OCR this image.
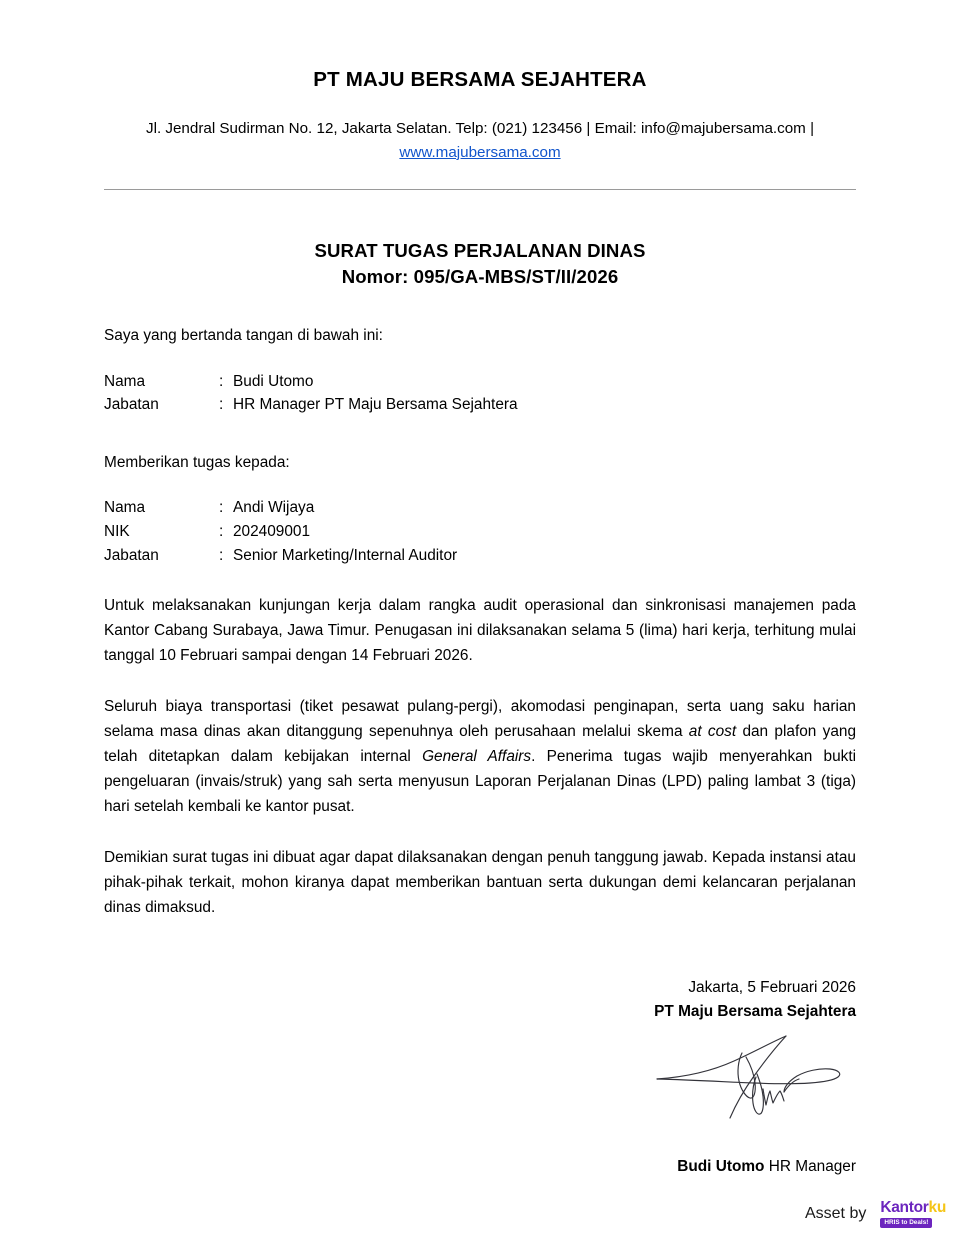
PT MAJU BERSAMA SEJAHTERA
Jl. Jendral Sudirman No. 12, Jakarta Selatan. Telp: (021) 123456 | Email: info@majubersama.com | www.majubersama.com
SURAT TUGAS PERJALANAN DINAS
Nomor: 095/GA-MBS/ST/II/2026

Saya yang bertanda tangan di bawah ini:

Nama	:	Budi Utomo
Jabatan	:	HR Manager PT Maju Bersama Sejahtera

Memberikan tugas kepada:

Nama	:	Andi Wijaya
NIK	:	202409001
Jabatan	:	Senior Marketing/Internal Auditor

Untuk melaksanakan kunjungan kerja dalam rangka audit operasional dan sinkronisasi manajemen pada Kantor Cabang Surabaya, Jawa Timur. Penugasan ini dilaksanakan selama 5 (lima) hari kerja, terhitung mulai tanggal 10 Februari sampai dengan 14 Februari 2026.

Seluruh biaya transportasi (tiket pesawat pulang-pergi), akomodasi penginapan, serta uang saku harian selama masa dinas akan ditanggung sepenuhnya oleh perusahaan melalui skema at cost dan plafon yang telah ditetapkan dalam kebijakan internal General Affairs. Penerima tugas wajib menyerahkan bukti pengeluaran (invais/struk) yang sah serta menyusun Laporan Perjalanan Dinas (LPD) paling lambat 3 (tiga) hari setelah kembali ke kantor pusat.

Demikian surat tugas ini dibuat agar dapat dilaksanakan dengan penuh tanggung jawab. Kepada instansi atau pihak-pihak terkait, mohon kiranya dapat memberikan bantuan serta dukungan demi kelancaran perjalanan dinas dimaksud.

Jakarta, 5 Februari 2026
PT Maju Bersama Sejahtera
Budi Utomo HR Manager
Asset by Kantorku
HRIS to Deals!
